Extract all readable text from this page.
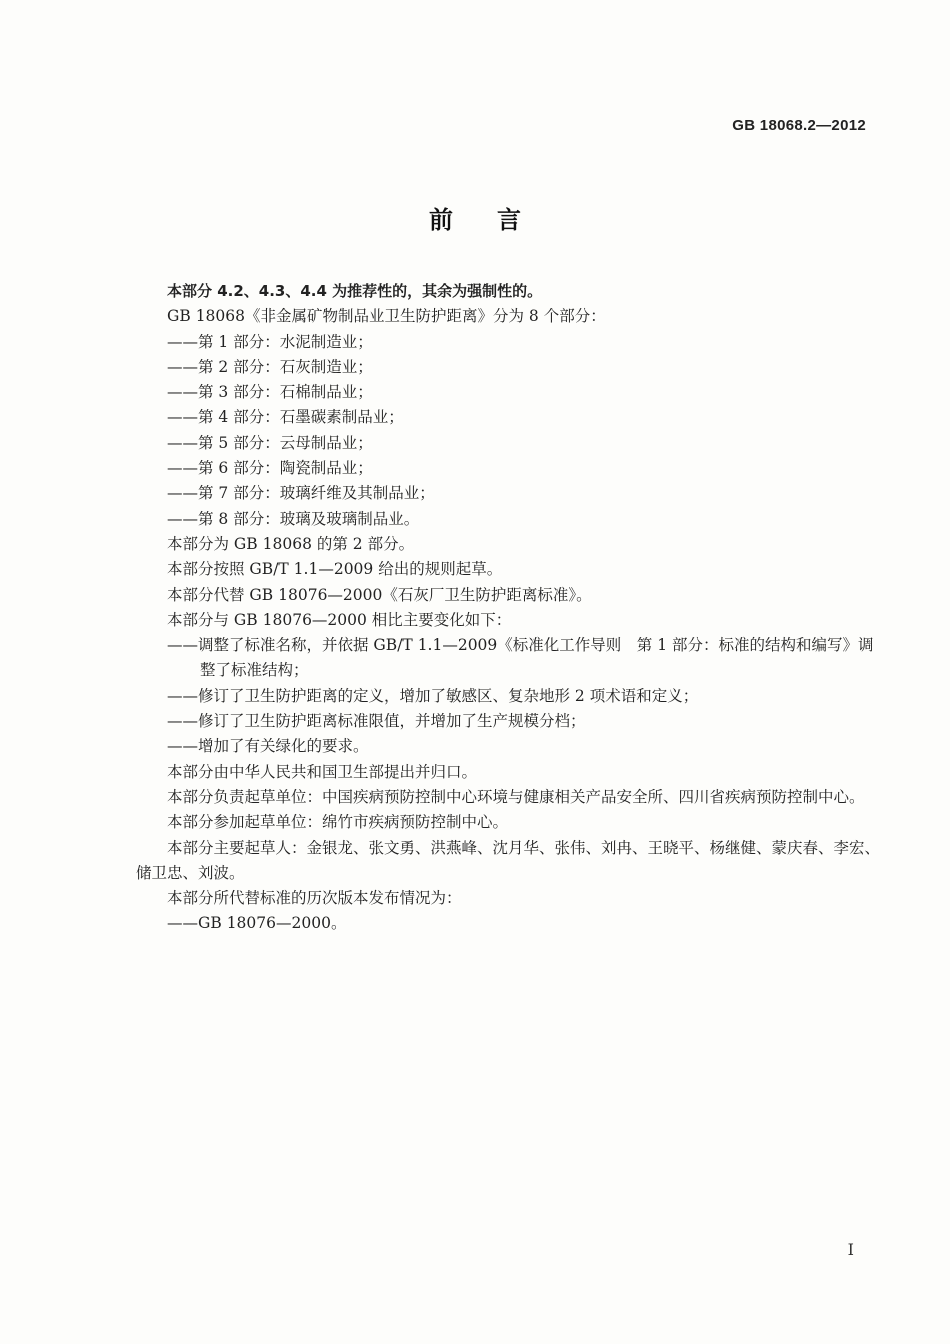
GB 18068.2—2012
前言

本部分 4.2、4.3、4.4 为推荐性的，其余为强制性的。

GB 18068《非金属矿物制品业卫生防护距离》分为 8 个部分：

——第 1 部分：水泥制造业；

——第 2 部分：石灰制造业；

——第 3 部分：石棉制品业；

——第 4 部分：石墨碳素制品业；

——第 5 部分：云母制品业；

——第 6 部分：陶瓷制品业；

——第 7 部分：玻璃纤维及其制品业；

——第 8 部分：玻璃及玻璃制品业。

本部分为 GB 18068 的第 2 部分。

本部分按照 GB/T 1.1—2009 给出的规则起草。

本部分代替 GB 18076—2000《石灰厂卫生防护距离标准》。

本部分与 GB 18076—2000 相比主要变化如下：

——调整了标准名称，并依据 GB/T 1.1—2009《标准化工作导则　第 1 部分：标准的结构和编写》调整了标准结构；

——修订了卫生防护距离的定义，增加了敏感区、复杂地形 2 项术语和定义；

——修订了卫生防护距离标准限值，并增加了生产规模分档；

——增加了有关绿化的要求。

本部分由中华人民共和国卫生部提出并归口。

本部分负责起草单位：中国疾病预防控制中心环境与健康相关产品安全所、四川省疾病预防控制中心。

本部分参加起草单位：绵竹市疾病预防控制中心。

本部分主要起草人：金银龙、张文勇、洪燕峰、沈月华、张伟、刘冉、王晓平、杨继健、蒙庆春、李宏、储卫忠、刘波。

本部分所代替标准的历次版本发布情况为：

——GB 18076—2000。

I
